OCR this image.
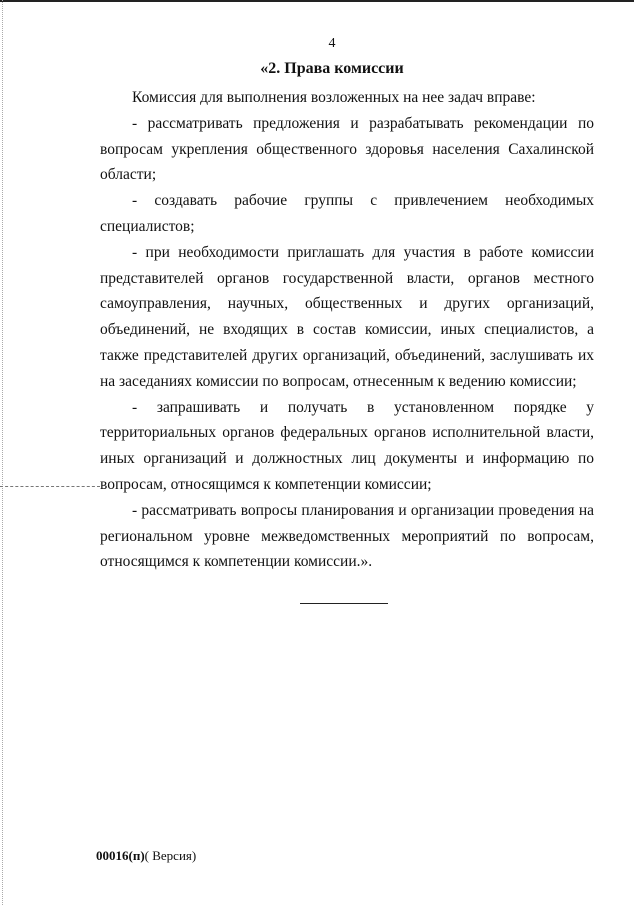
4
«2. Права комиссии

Комиссия для выполнения возложенных на нее задач вправе:

- рассматривать предложения и разрабатывать рекомендации по вопросам укрепления общественного здоровья населения Сахалинской области;

- создавать рабочие группы с привлечением необходимых специалистов;

- при необходимости приглашать для участия в работе комиссии представителей органов государственной власти, органов местного самоуправления, научных, общественных и других организаций, объединений, не входящих в состав комиссии, иных специалистов, а также представителей других организаций, объединений, заслушивать их на заседаниях комиссии по вопросам, отнесенным к ведению комиссии;

- запрашивать и получать в установленном порядке у территориальных органов федеральных органов исполнительной власти, иных организаций и должностных лиц документы и информацию по вопросам, относящимся к компетенции комиссии;

- рассматривать вопросы планирования и организации проведения на региональном уровне межведомственных мероприятий по вопросам, относящимся к компетенции комиссии.».

00016(п)( Версия)
